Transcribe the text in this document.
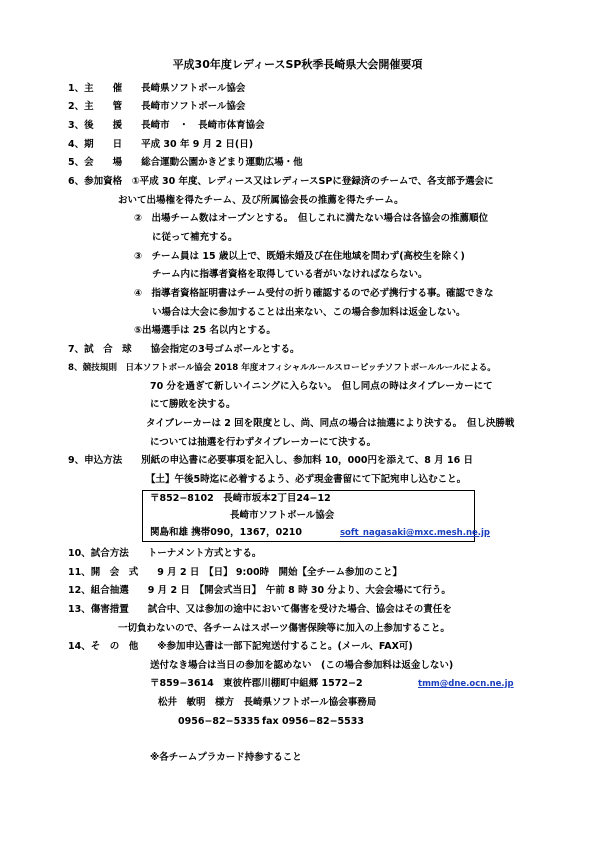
平成30年度レディースSP秋季長崎県大会開催要項
1、主　　催　　長崎県ソフトボール協会
2、主　　管　　長崎市ソフトボール協会
3、後　　援　　長崎市　・　長崎市体育協会
4、期　　日　　平成 30 年 9 月 2 日(日)
5、会　　場　　総合運動公園かきどまり運動広場・他
6、参加資格　①平成 30 年度、レディース又はレディースSPに登録済のチームで、各支部予選会に
おいて出場権を得たチーム、及び所属協会長の推薦を得たチーム。
②　出場チーム数はオープンとする。　但しこれに満たない場合は各協会の推薦順位
に従って補充する。
③　チーム員は 15 歳以上で、既婚未婚及び在住地域を問わず(高校生を除く)
チーム内に指導者資格を取得している者がいなければならない。
④　指導者資格証明書はチーム受付の折り確認するので必ず携行する事。確認できな
い場合は大会に参加することは出来ない、この場合参加料は返金しない。
⑤出場選手は 25 名以内とする。
7、試　合　球　　協会指定の3号ゴムボールとする。
8、競技規則　日本ソフトボール協会 2018 年度オフィシャルルールスローピッチソフトボールルールによる。
70 分を過ぎて新しいイニングに入らない。　但し同点の時はタイブレーカーにて
にて勝敗を決する。
タイブレーカーは 2 回を限度とし、尚、同点の場合は抽選により決する。　但し決勝戦
については抽選を行わずタイブレーカーにて決する。
9、申込方法　　別紙の申込書に必要事項を記入し、参加料 10，000円を添えて、8 月 16 日
【土】午後5時迄に必着するよう、必ず現金書留にて下記宛申し込むこと。
〒852−8102　長崎市坂本2丁目24−12
長崎市ソフトボール協会
関島和雄 携帯090，1367，0210	soft_nagasaki@mxc.mesh.ne.jp
10、試合方法　　トーナメント方式とする。
11、開　会　式　　9 月 2 日　【日】 9:00時　開始【全チーム参加のこと】
12、組合抽選　　9 月 2 日　【開会式当日】　午前 8 時 30 分より、大会会場にて行う。
13、傷害措置　　試合中、又は参加の途中において傷害を受けた場合、協会はその責任を
一切負わないので、各チームはスポーツ傷害保険等に加入の上参加すること。
14、そ　の　他　　※参加申込書は一部下記宛送付すること。(メール、FAX可)
送付なき場合は当日の参加を認めない　(この場合参加料は返金しない)
〒859−3614　東彼杵郡川棚町中組郷 1572−2	tmm@dne.ocn.ne.jp
松井　敏明　様方　長崎県ソフトボール協会事務局
0956−82−5335 fax 0956−82−5533
※各チームプラカード持参すること
